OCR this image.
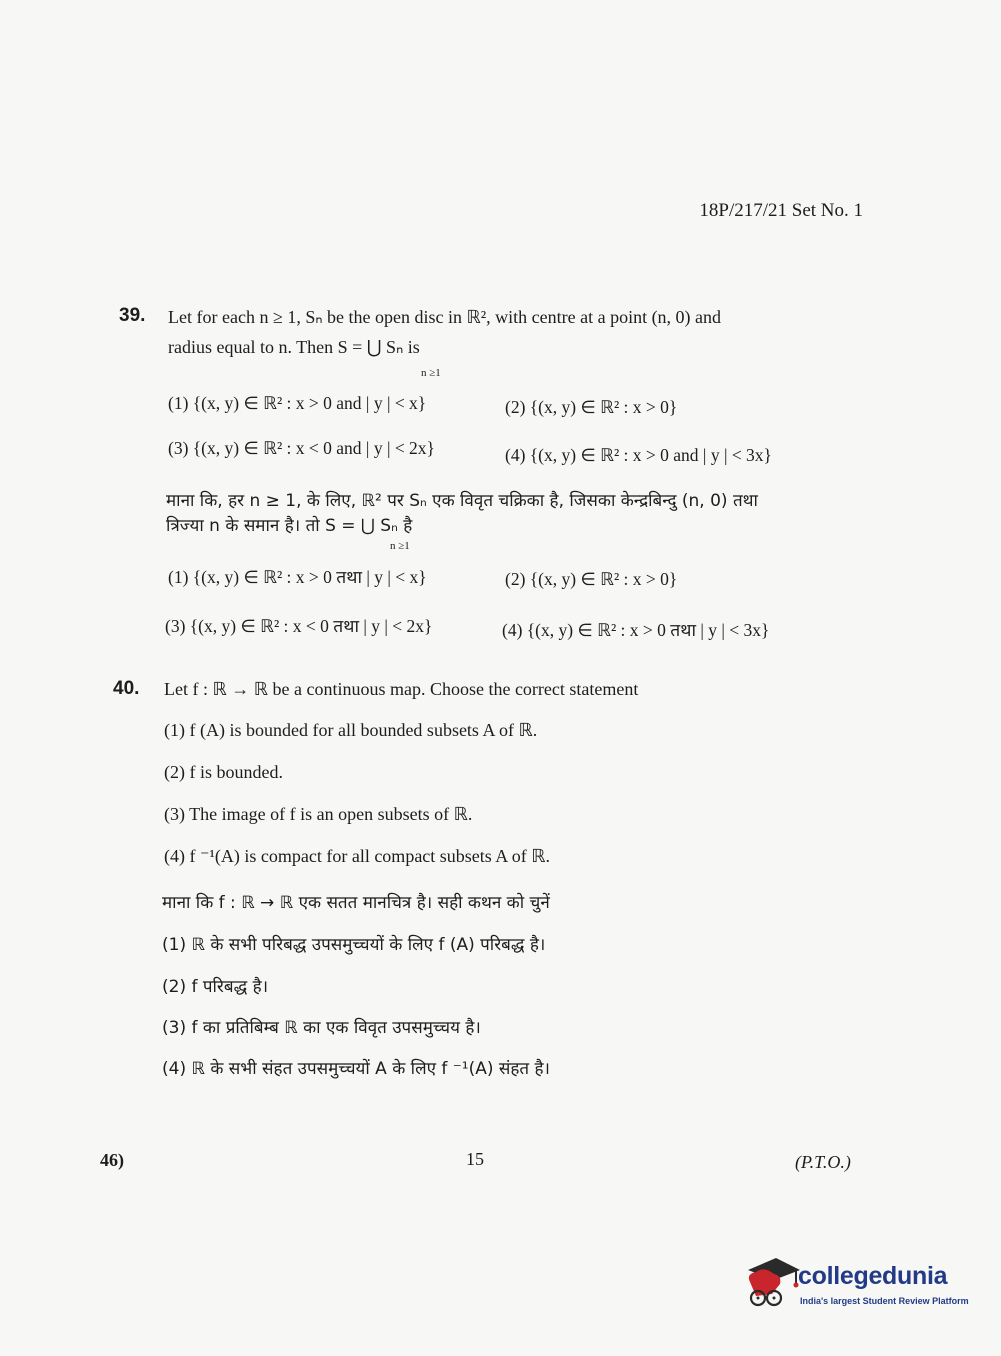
18P/217/21 Set No. 1
39. Let for each n ≥ 1, Sₙ be the open disc in ℝ², with centre at a point (n, 0) and
radius equal to n. Then S = ⋃ Sₙ is
n ≥1
(1) {(x, y) ∈ ℝ² : x > 0 and | y | < x}	(2) {(x, y) ∈ ℝ² : x > 0}
(3) {(x, y) ∈ ℝ² : x < 0 and | y | < 2x}	(4) {(x, y) ∈ ℝ² : x > 0 and | y | < 3x}
माना कि, हर n ≥ 1, के लिए, ℝ² पर Sₙ एक विवृत चक्रिका है, जिसका केन्द्रबिन्दु (n, 0) तथा
त्रिज्या n के समान है। तो S = ⋃ Sₙ है
n ≥1
(1) {(x, y) ∈ ℝ² : x > 0 तथा | y | < x}	(2) {(x, y) ∈ ℝ² : x > 0}
(3) {(x, y) ∈ ℝ² : x < 0 तथा | y | < 2x}	(4) {(x, y) ∈ ℝ² : x > 0 तथा | y | < 3x}
40. Let f : ℝ → ℝ be a continuous map. Choose the correct statement
(1) f (A) is bounded for all bounded subsets A of ℝ.
(2) f is bounded.
(3) The image of f is an open subsets of ℝ.
(4) f ⁻¹(A) is compact for all compact subsets A of ℝ.
माना कि f : ℝ → ℝ एक सतत मानचित्र है। सही कथन को चुनें
(1) ℝ के सभी परिबद्ध उपसमुच्चयों के लिए f (A) परिबद्ध है।
(2) f परिबद्ध है।
(3) f का प्रतिबिम्ब ℝ का एक विवृत उपसमुच्चय है।
(4) ℝ के सभी संहत उपसमुच्चयों A के लिए f ⁻¹(A) संहत है।
46)	15	(P.T.O.)
collegedunia
India's largest Student Review Platform
